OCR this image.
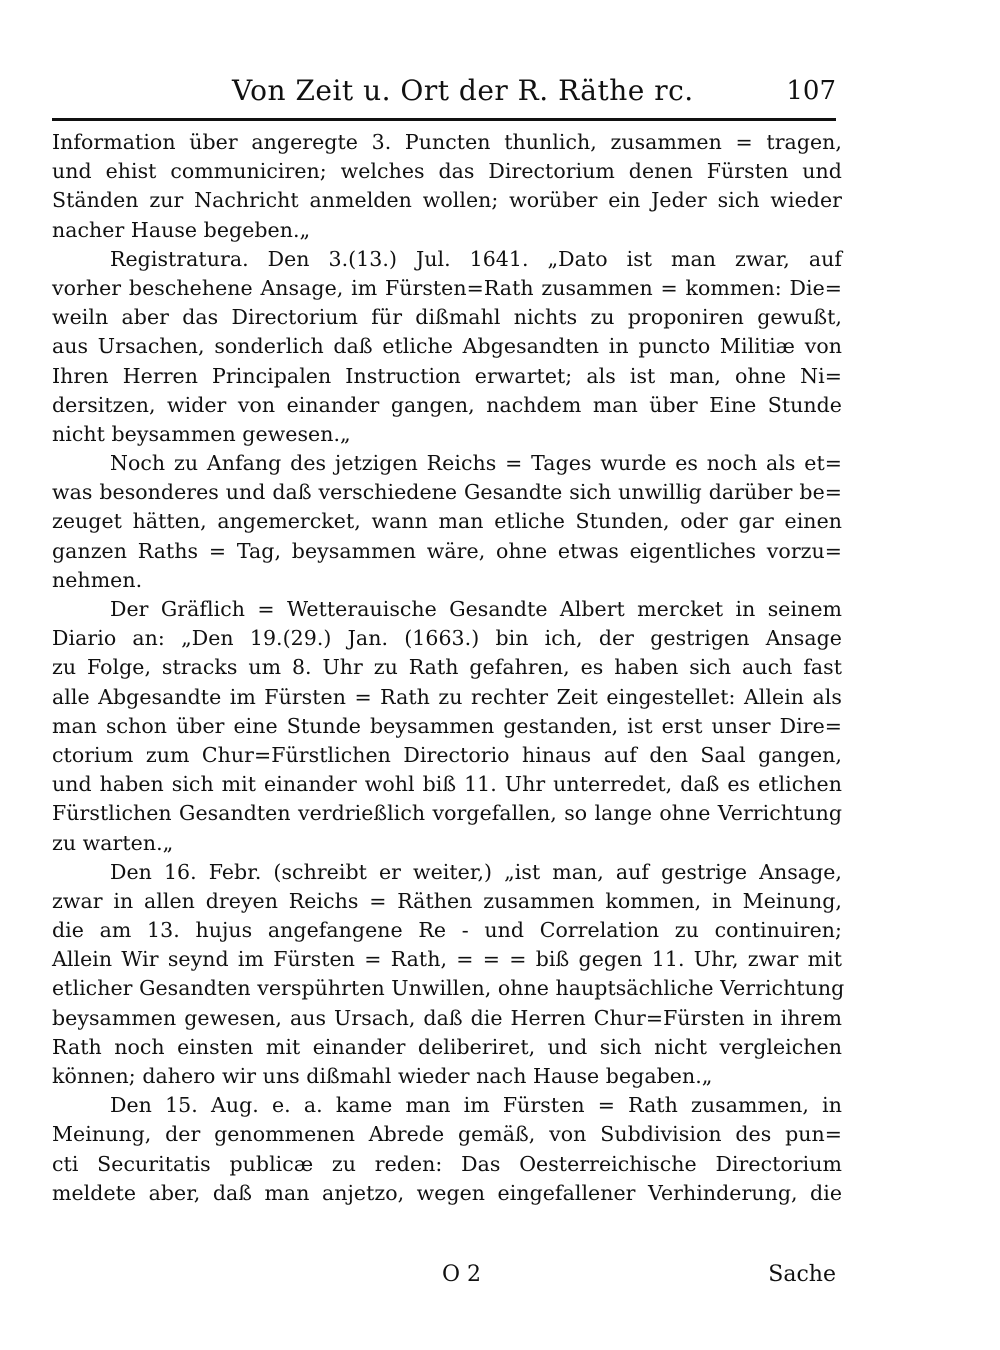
Von Zeit u. Ort der R. Räthe rc.	107
Information über angeregte 3. Puncten thunlich, zusammen = tragen,
und ehist communiciren; welches das Directorium denen Fürsten und
Ständen zur Nachricht anmelden wollen; worüber ein Jeder sich wieder
nacher Hause begeben.„
Registratura. Den 3.(13.) Jul. 1641. „Dato ist man zwar, auf
vorher beschehene Ansage, im Fürsten=Rath zusammen = kommen: Die=
weiln aber das Directorium für dißmahl nichts zu proponiren gewußt,
aus Ursachen, sonderlich daß etliche Abgesandten in puncto Militiæ von
Ihren Herren Principalen Instruction erwartet; als ist man, ohne Ni=
dersitzen, wider von einander gangen, nachdem man über Eine Stunde
nicht beysammen gewesen.„
Noch zu Anfang des jetzigen Reichs = Tages wurde es noch als et=
was besonderes und daß verschiedene Gesandte sich unwillig darüber be=
zeuget hätten, angemercket, wann man etliche Stunden, oder gar einen
ganzen Raths = Tag, beysammen wäre, ohne etwas eigentliches vorzu=
nehmen.
Der Gräflich = Wetterauische Gesandte Albert mercket in seinem
Diario an: „Den 19.(29.) Jan. (1663.) bin ich, der gestrigen Ansage
zu Folge, stracks um 8. Uhr zu Rath gefahren, es haben sich auch fast
alle Abgesandte im Fürsten = Rath zu rechter Zeit eingestellet: Allein als
man schon über eine Stunde beysammen gestanden, ist erst unser Dire=
ctorium zum Chur=Fürstlichen Directorio hinaus auf den Saal gangen,
und haben sich mit einander wohl biß 11. Uhr unterredet, daß es etlichen
Fürstlichen Gesandten verdrießlich vorgefallen, so lange ohne Verrichtung
zu warten.„
Den 16. Febr. (schreibt er weiter,) „ist man, auf gestrige Ansage,
zwar in allen dreyen Reichs = Räthen zusammen kommen, in Meinung,
die am 13. hujus angefangene Re - und Correlation zu continuiren;
Allein Wir seynd im Fürsten = Rath, = = = biß gegen 11. Uhr, zwar mit
etlicher Gesandten verspührten Unwillen, ohne hauptsächliche Verrichtung
beysammen gewesen, aus Ursach, daß die Herren Chur=Fürsten in ihrem
Rath noch einsten mit einander deliberiret, und sich nicht vergleichen
können; dahero wir uns dißmahl wieder nach Hause begaben.„
Den 15. Aug. e. a. kame man im Fürsten = Rath zusammen, in
Meinung, der genommenen Abrede gemäß, von Subdivision des pun=
cti Securitatis publicæ zu reden: Das Oesterreichische Directorium
meldete aber, daß man anjetzo, wegen eingefallener Verhinderung, die
O 2	Sache
